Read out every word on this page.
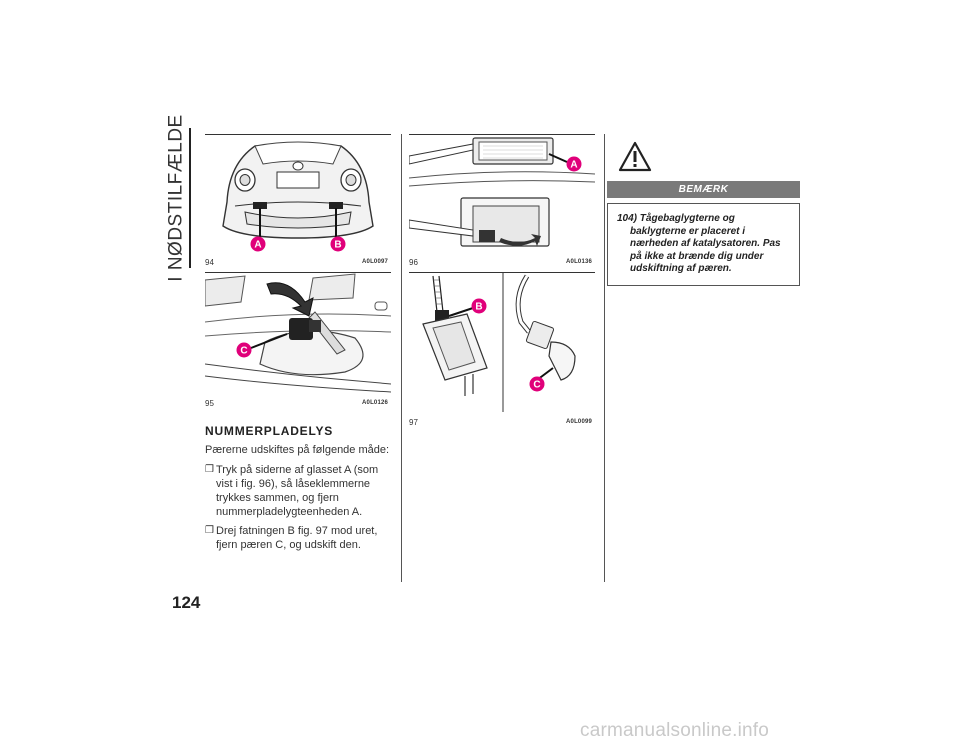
I NØDSTILFÆLDE	A	B
94	A0L0097
C
95	A0L0126
NUMMERPLADELYS
Pærerne udskiftes på følgende måde:
❒ Tryk på siderne af glasset A (som vist i fig. 96), så låseklemmerne trykkes sammen, og fjern nummerpladelygteenheden A.
❒ Drej fatningen B fig. 97 mod uret, fjern pæren C, og udskift den.
A
96	A0L0136
B
C
97	A0L0099
BEMÆRK

104) Tågebaglygterne og baklygterne er placeret i nærheden af katalysatoren. Pas på ikke at brænde dig under udskiftning af pæren.

124
carmanualsonline.info
